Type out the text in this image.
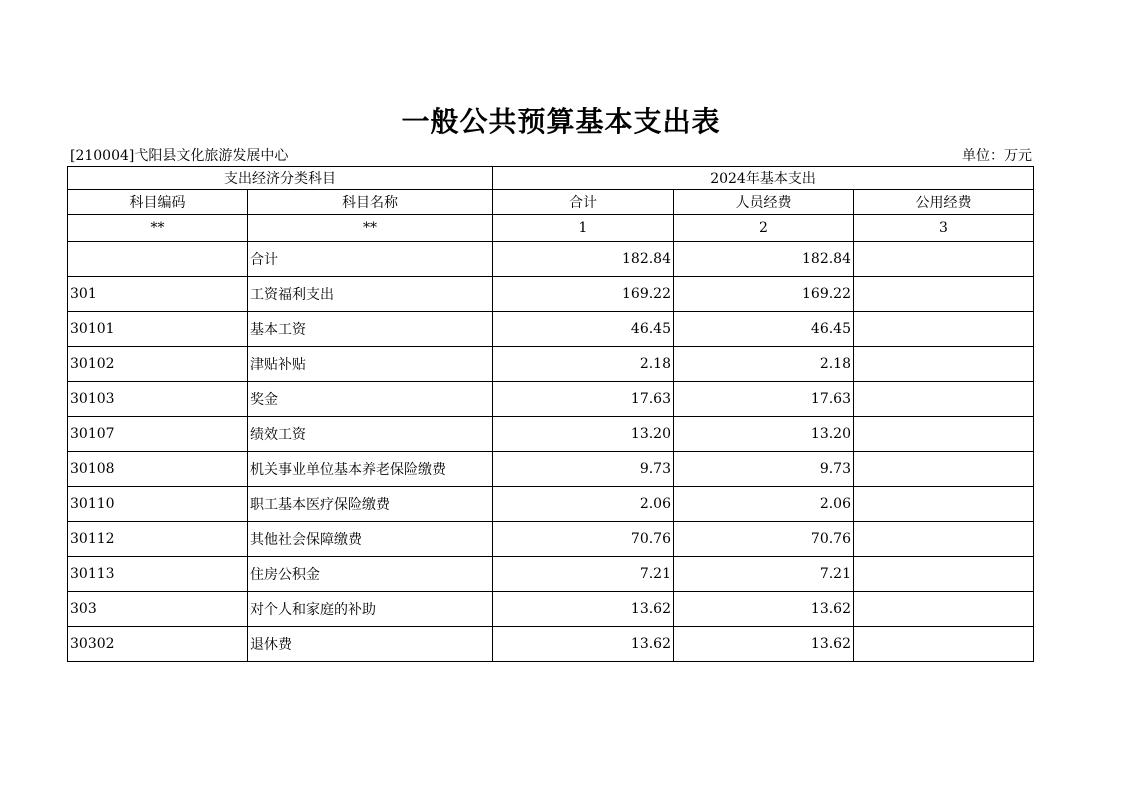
一般公共预算基本支出表
[210004]弋阳县文化旅游发展中心	单位：万元
支出经济分类科目		2024年基本支出		
科目编码	科目名称	合计	人员经费	公用经费
**	**	1	2	3
	合计	182.84	182.84	
301	工资福利支出	169.22	169.22	
30101	基本工资	46.45	46.45	
30102	津贴补贴	2.18	2.18	
30103	奖金	17.63	17.63	
30107	绩效工资	13.20	13.20	
30108	机关事业单位基本养老保险缴费	9.73	9.73	
30110	职工基本医疗保险缴费	2.06	2.06	
30112	其他社会保障缴费	70.76	70.76	
30113	住房公积金	7.21	7.21	
303	对个人和家庭的补助	13.62	13.62	
30302	退休费	13.62	13.62	
